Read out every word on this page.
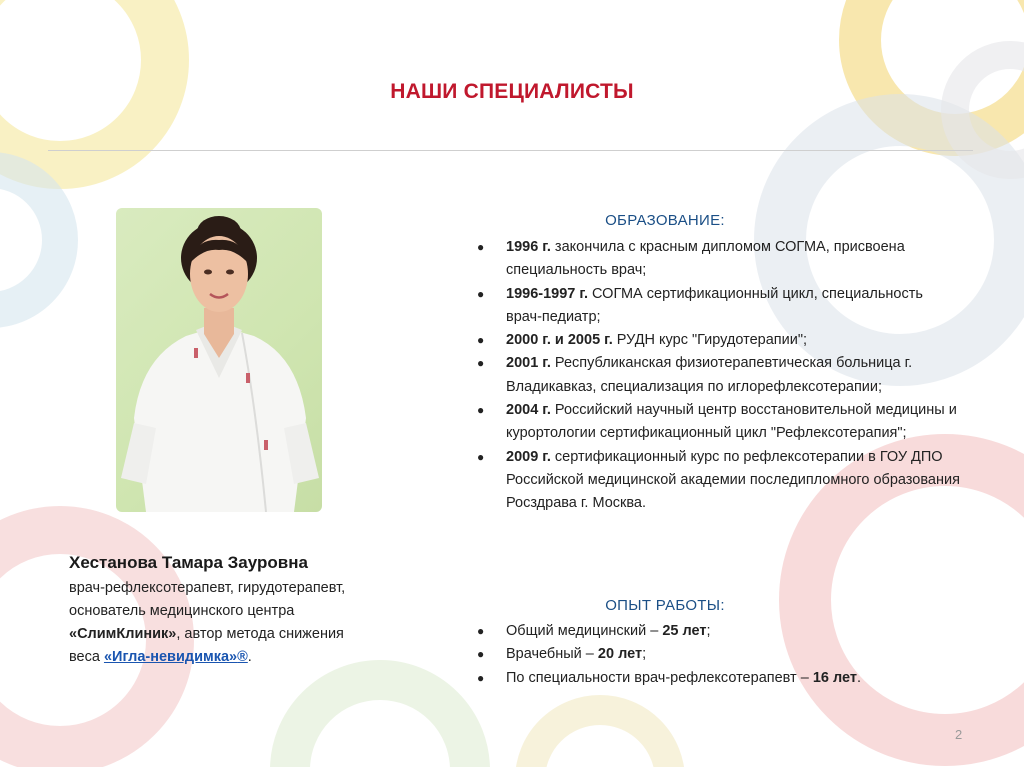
НАШИ СПЕЦИАЛИСТЫ
Хестанова Тамара Зауровна
врач-рефлексотерапевт, гирудотерапевт,
основатель медицинского центра
«СлимКлиник», автор метода снижения
веса «Игла-невидимка»®.
ОБРАЗОВАНИЕ:
● 1996 г. закончила с красным дипломом СОГМА, присвоена специальность врач;
● 1996-1997 г. СОГМА сертификационный цикл, специальность врач-педиатр;
● 2000 г. и 2005 г. РУДН курс "Гирудотерапии";
● 2001 г. Республиканская физиотерапевтическая больница г. Владикавказ, специализация по иглорефлексотерапии;
● 2004 г. Российский научный центр восстановительной медицины и курортологии сертификационный цикл "Рефлексотерапия";
● 2009 г. сертификационный курс по рефлексотерапии в ГОУ ДПО Российской медицинской академии последипломного образования Росздрава г. Москва.
ОПЫТ РАБОТЫ:
● Общий медицинский – 25 лет;
● Врачебный – 20 лет;
● По специальности врач-рефлексотерапевт – 16 лет.
2
